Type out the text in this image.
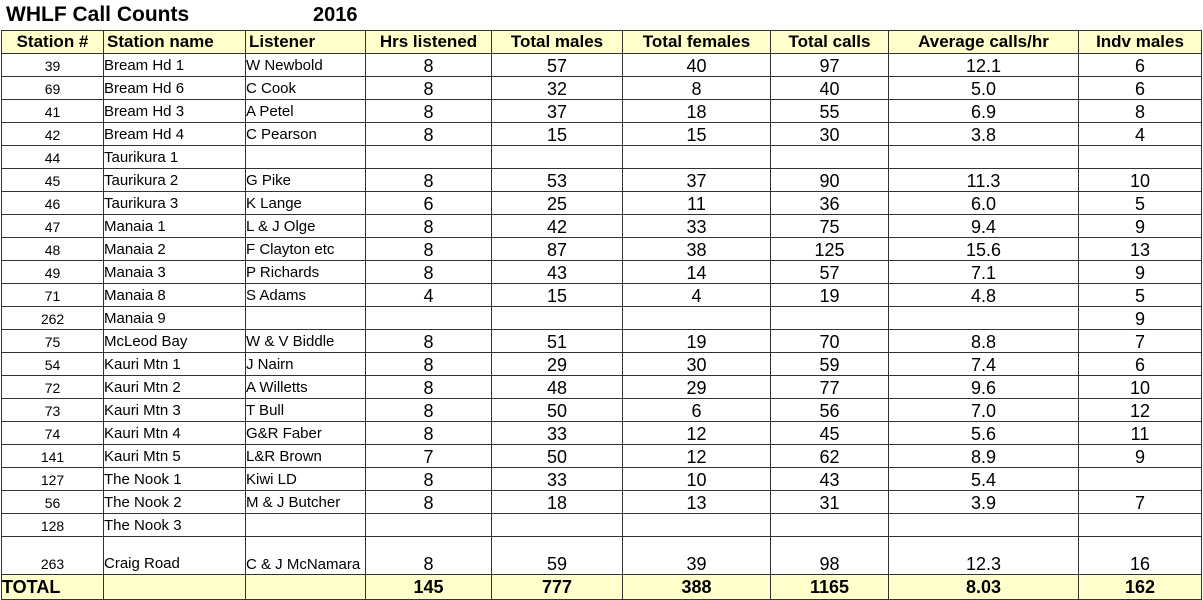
WHLF Call Counts	2016
Station #	Station name	Listener	Hrs listened	Total males	Total females	Total calls	Average calls/hr	Indv males
39	Bream Hd 1	W Newbold	8	57	40	97	12.1	6
69	Bream Hd 6	C Cook	8	32	8	40	5.0	6
41	Bream Hd 3	A Petel	8	37	18	55	6.9	8
42	Bream Hd 4	C Pearson	8	15	15	30	3.8	4
44	Taurikura 1							
45	Taurikura 2	G Pike	8	53	37	90	11.3	10
46	Taurikura 3	K Lange	6	25	11	36	6.0	5
47	Manaia 1	L & J Olge	8	42	33	75	9.4	9
48	Manaia 2	F Clayton etc	8	87	38	125	15.6	13
49	Manaia 3	P Richards	8	43	14	57	7.1	9
71	Manaia 8	S Adams	4	15	4	19	4.8	5
262	Manaia 9							9
75	McLeod Bay	W & V Biddle	8	51	19	70	8.8	7
54	Kauri Mtn 1	J Nairn	8	29	30	59	7.4	6
72	Kauri Mtn 2	A Willetts	8	48	29	77	9.6	10
73	Kauri Mtn 3	T Bull	8	50	6	56	7.0	12
74	Kauri Mtn 4	G&R Faber	8	33	12	45	5.6	11
141	Kauri Mtn 5	L&R Brown	7	50	12	62	8.9	9
127	The Nook 1	Kiwi LD	8	33	10	43	5.4	
56	The Nook 2	M & J Butcher	8	18	13	31	3.9	7
128	The Nook 3							
263	Craig Road	C & J McNamara	8	59	39	98	12.3	16
TOTAL			145	777	388	1165	8.03	162
